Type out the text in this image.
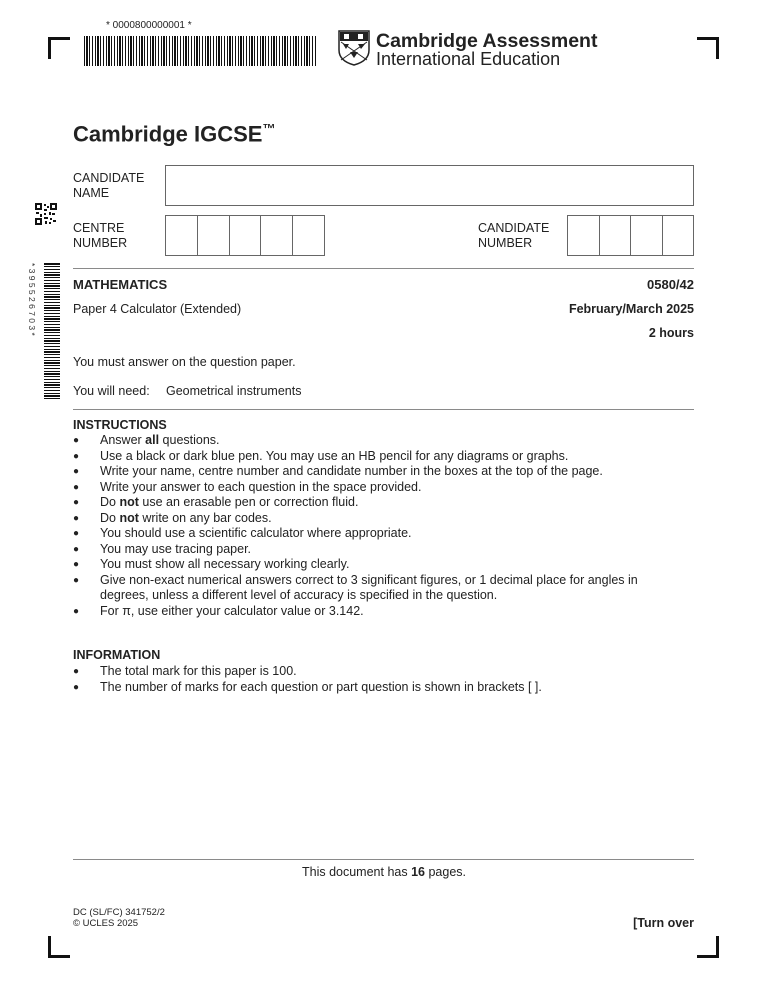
* 0000800000001 *
Cambridge Assessment
International Education
Cambridge IGCSE™
* 3 9 5 5 2 6 7 0 3 *
CANDIDATE
NAME
CENTRE
NUMBER
CANDIDATE
NUMBER
MATHEMATICS	0580/42
Paper 4 Calculator (Extended)	February/March 2025
2 hours
You must answer on the question paper.
You will need: Geometrical instruments
INSTRUCTIONS
● Answer all questions.
● Use a black or dark blue pen. You may use an HB pencil for any diagrams or graphs.
● Write your name, centre number and candidate number in the boxes at the top of the page.
● Write your answer to each question in the space provided.
● Do not use an erasable pen or correction fluid.
● Do not write on any bar codes.
● You should use a scientific calculator where appropriate.
● You may use tracing paper.
● You must show all necessary working clearly.
● Give non-exact numerical answers correct to 3 significant figures, or 1 decimal place for angles in degrees, unless a different level of accuracy is specified in the question.
● For π, use either your calculator value or 3.142.
INFORMATION
● The total mark for this paper is 100.
● The number of marks for each question or part question is shown in brackets [ ].
This document has 16 pages.
DC (SL/FC) 341752/2
© UCLES 2025	[Turn over
